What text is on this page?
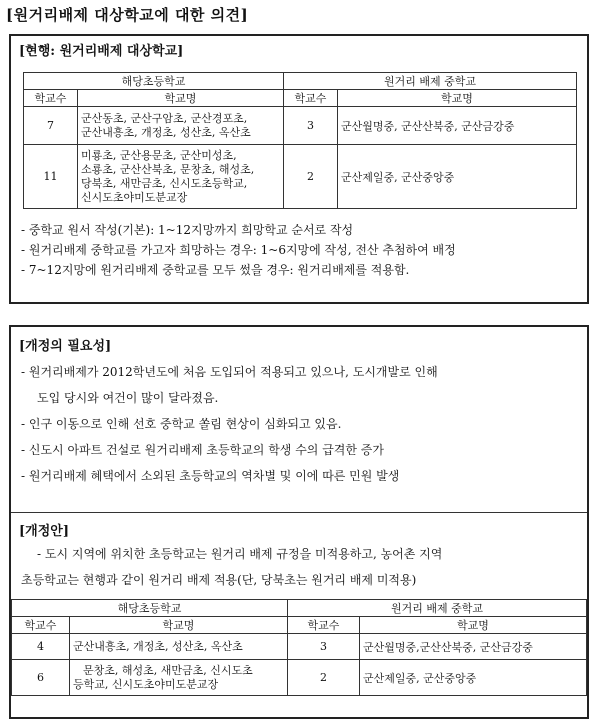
[원거리배제 대상학교에 대한 의견]
[현행: 원거리배제 대상학교]
해당초등학교		원거리 배제 중학교	
학교수	학교명	학교수	학교명
7	군산동초, 군산구암초, 군산경포초,
군산내흥초, 개정초, 성산초, 옥산초	3	군산월명중, 군산산북중, 군산금강중
11	미룡초, 군산용문초, 군산미성초,
소룡초, 군산산북초, 문창초, 해성초,
당북초, 새만금초, 신시도초등학교,
신시도초야미도분교장	2	군산제일중, 군산중앙중
- 중학교 원서 작성(기본): 1~12지망까지 희망학교 순서로 작성
- 원거리배제 중학교를 가고자 희망하는 경우: 1~6지망에 작성, 전산 추첨하여 배정
- 7~12지망에 원거리배제 중학교를 모두 썼을 경우: 원거리배제를 적용함.
[개정의 필요성]
- 원거리배제가 2012학년도에 처음 도입되어 적용되고 있으나, 도시개발로 인해
도입 당시와 여건이 많이 달라졌음.
- 인구 이동으로 인해 선호 중학교 쏠림 현상이 심화되고 있음.
- 신도시 아파트 건설로 원거리배제 초등학교의 학생 수의 급격한 증가
- 원거리배제 혜택에서 소외된 초등학교의 역차별 및 이에 따른 민원 발생
[개정안]
- 도시 지역에 위치한 초등학교는 원거리 배제 규정을 미적용하고, 농어촌 지역
초등학교는 현행과 같이 원거리 배제 적용(단, 당북초는 원거리 배제 미적용)
해당초등학교		원거리 배제 중학교	
학교수	학교명	학교수	학교명
4	군산내흥초, 개정초, 성산초, 옥산초	3	군산월명중,군산산북중, 군산금강중
6	문창초, 해성초, 새만금초, 신시도초
등학교, 신시도초야미도분교장	2	군산제일중, 군산중앙중
